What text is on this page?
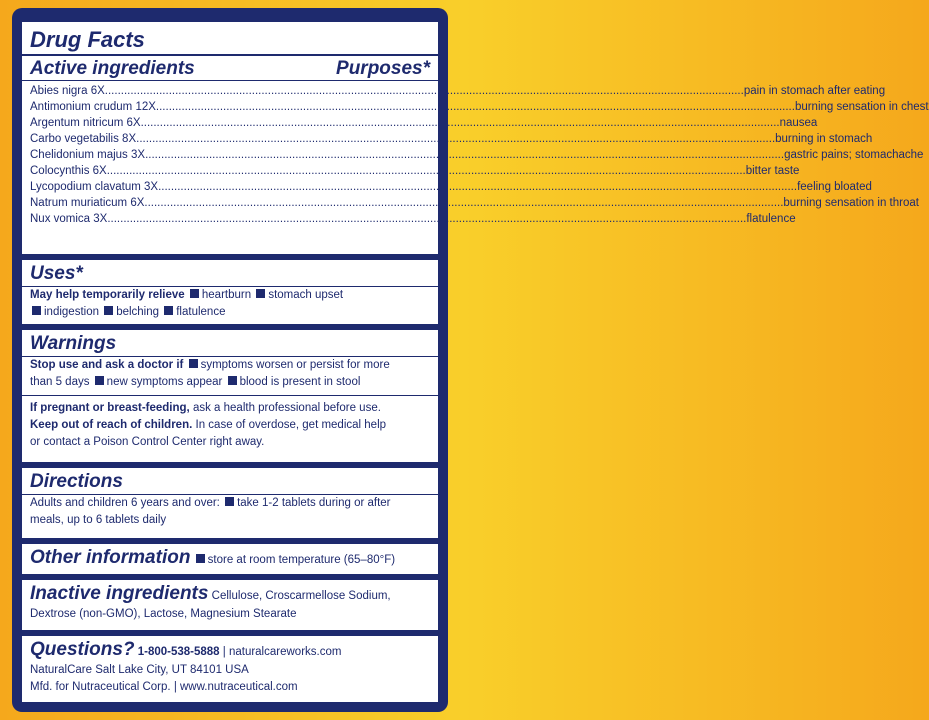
Drug Facts
Active ingredients	Purposes*
Abies nigra 6X ........................................................................................................................................................................................................ pain in stomach after eating
Antimonium crudum 12X ........................................................................................................................................................................................................ burning sensation in chest
Argentum nitricum 6X ........................................................................................................................................................................................................ nausea
Carbo vegetabilis 8X ........................................................................................................................................................................................................ burning in stomach
Chelidonium majus 3X ........................................................................................................................................................................................................ gastric pains; stomachache
Colocynthis 6X ........................................................................................................................................................................................................ bitter taste
Lycopodium clavatum 3X ........................................................................................................................................................................................................ feeling bloated
Natrum muriaticum 6X ........................................................................................................................................................................................................ burning sensation in throat
Nux vomica 3X ........................................................................................................................................................................................................ flatulence
Uses*
May help temporarily relieve heartburn stomach upset
indigestion belching flatulence
Warnings
Stop use and ask a doctor if symptoms worsen or persist for more
than 5 days new symptoms appear blood is present in stool
If pregnant or breast-feeding, ask a health professional before use.
Keep out of reach of children. In case of overdose, get medical help
or contact a Poison Control Center right away.
Directions
Adults and children 6 years and over: take 1-2 tablets during or after
meals, up to 6 tablets daily
Other information store at room temperature (65–80°F)
Inactive ingredients Cellulose, Croscarmellose Sodium,
Dextrose (non-GMO), Lactose, Magnesium Stearate
Questions? 1-800-538-5888 | naturalcareworks.com
NaturalCare Salt Lake City, UT 84101 USA
Mfd. for Nutraceutical Corp. | www.nutraceutical.com
